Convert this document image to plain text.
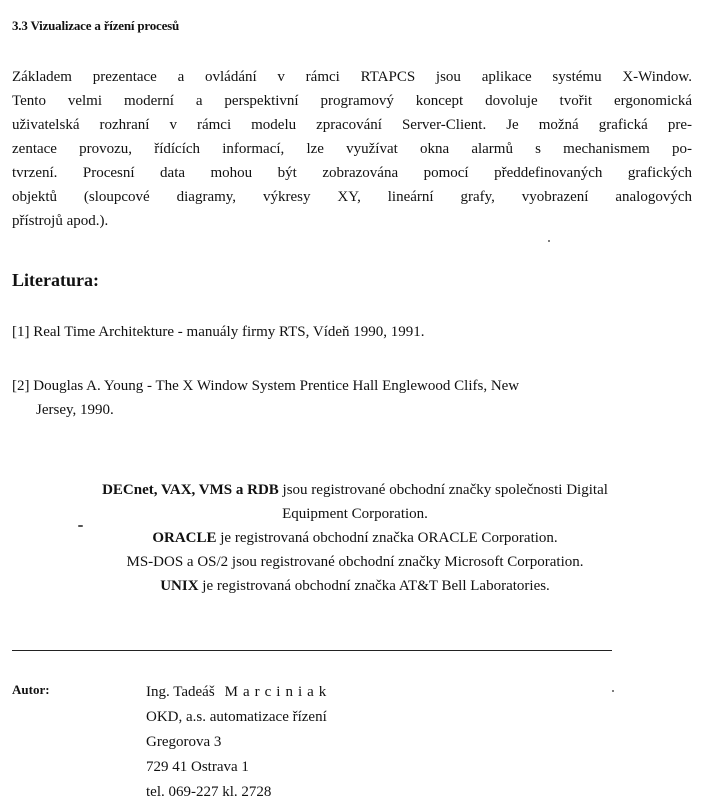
3.3 Vizualizace a řízení procesů
Základem prezentace a ovládání v rámci RTAPCS jsou aplikace systému X-Window.
Tento velmi moderní a perspektivní programový koncept dovoluje tvořit ergonomická
uživatelská rozhraní v rámci modelu zpracování Server-Client. Je možná grafická pre-
zentace provozu, řídících informací, lze využívat okna alarmů s mechanismem po-
tvrzení. Procesní data mohou být zobrazována pomocí předdefinovaných grafických
objektů (sloupcové diagramy, výkresy XY, lineární grafy, vyobrazení analogových
přístrojů apod.).
Literatura:
[1] Real Time Architekture - manuály firmy RTS, Vídeň 1990, 1991.
[2] Douglas A. Young - The X Window System Prentice Hall Englewood Clifs, New
Jersey, 1990.
DECnet, VAX, VMS a RDB jsou registrované obchodní značky společnosti Digital
Equipment Corporation.
ORACLE je registrovaná obchodní značka ORACLE Corporation.
MS-DOS a OS/2 jsou registrované obchodní značky Microsoft Corporation.
UNIX je registrovaná obchodní značka AT&T Bell Laboratories.
Autor:	Ing. Tadeáš Marciniak
OKD, a.s. automatizace řízení
Gregorova 3
729 41 Ostrava 1
tel. 069-227 kl. 2728
